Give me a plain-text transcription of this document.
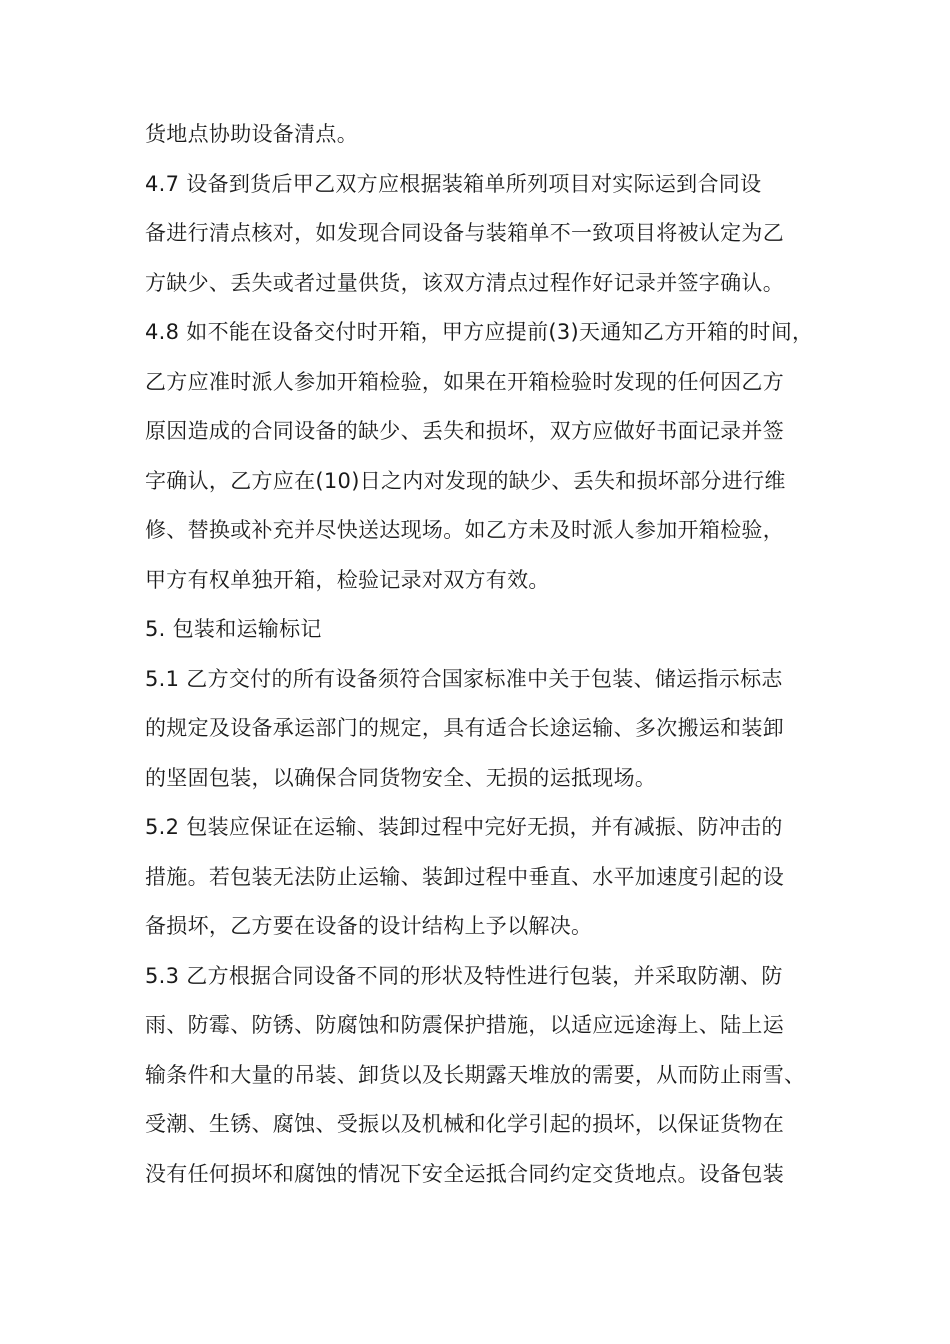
货地点协助设备清点。
4.7 设备到货后甲乙双方应根据装箱单所列项目对实际运到合同设
备进行清点核对，如发现合同设备与装箱单不一致项目将被认定为乙
方缺少、丢失或者过量供货，该双方清点过程作好记录并签字确认。
4.8 如不能在设备交付时开箱，甲方应提前(3)天通知乙方开箱的时间，
乙方应准时派人参加开箱检验，如果在开箱检验时发现的任何因乙方
原因造成的合同设备的缺少、丢失和损坏，双方应做好书面记录并签
字确认，乙方应在(10)日之内对发现的缺少、丢失和损坏部分进行维
修、替换或补充并尽快送达现场。如乙方未及时派人参加开箱检验，
甲方有权单独开箱，检验记录对双方有效。
5. 包装和运输标记
5.1 乙方交付的所有设备须符合国家标准中关于包装、储运指示标志
的规定及设备承运部门的规定，具有适合长途运输、多次搬运和装卸
的坚固包装，以确保合同货物安全、无损的运抵现场。
5.2 包装应保证在运输、装卸过程中完好无损，并有减振、防冲击的
措施。若包装无法防止运输、装卸过程中垂直、水平加速度引起的设
备损坏，乙方要在设备的设计结构上予以解决。
5.3 乙方根据合同设备不同的形状及特性进行包装，并采取防潮、防
雨、防霉、防锈、防腐蚀和防震保护措施，以适应远途海上、陆上运
输条件和大量的吊装、卸货以及长期露天堆放的需要，从而防止雨雪、
受潮、生锈、腐蚀、受振以及机械和化学引起的损坏，以保证货物在
没有任何损坏和腐蚀的情况下安全运抵合同约定交货地点。设备包装
